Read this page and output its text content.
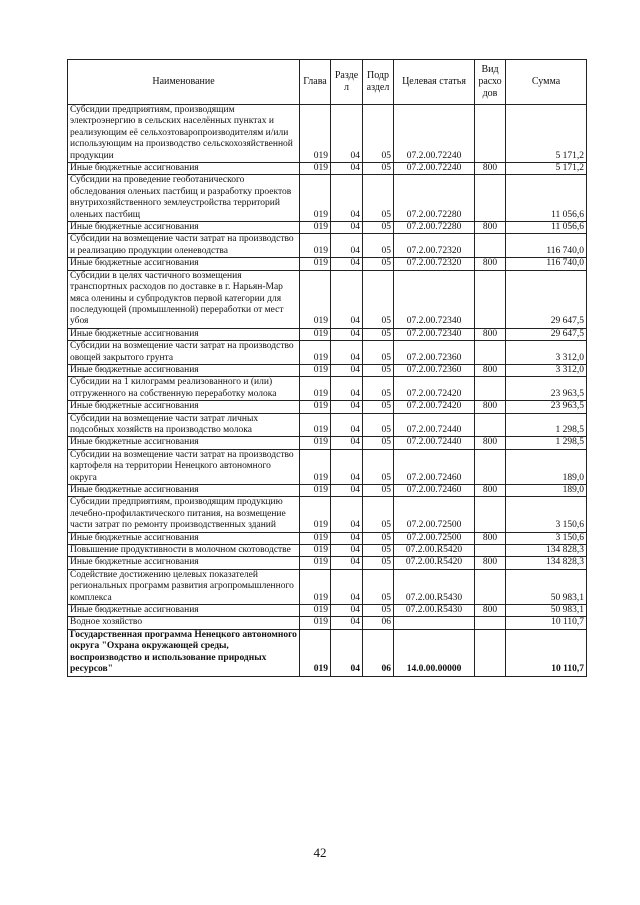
Наименование	Глава	Разде л	Подр аздел	Целевая статья	Вид расхо дов	Сумма
Субсидии предприятиям, производящим электроэнергию в сельских населённых пунктах и реализующим её сельхозтоваропроизводителям и/или использующим на производство сельскохозяйственной продукции	019	04	05	07.2.00.72240		5 171,2
Иные бюджетные ассигнования	019	04	05	07.2.00.72240	800	5 171,2
Субсидии на проведение геоботанического обследования оленьих пастбищ и разработку проектов внутрихозяйственного землеустройства территорий оленьих пастбищ	019	04	05	07.2.00.72280		11 056,6
Иные бюджетные ассигнования	019	04	05	07.2.00.72280	800	11 056,6
Субсидии на возмещение части затрат на производство и реализацию продукции оленеводства	019	04	05	07.2.00.72320		116 740,0
Иные бюджетные ассигнования	019	04	05	07.2.00.72320	800	116 740,0
Субсидии в целях частичного возмещения транспортных расходов по доставке в г. Нарьян-Мар мяса оленины и субпродуктов первой категории для последующей (промышленной) переработки от мест убоя	019	04	05	07.2.00.72340		29 647,5
Иные бюджетные ассигнования	019	04	05	07.2.00.72340	800	29 647,5
Субсидии на возмещение части затрат на производство овощей закрытого грунта	019	04	05	07.2.00.72360		3 312,0
Иные бюджетные ассигнования	019	04	05	07.2.00.72360	800	3 312,0
Субсидии на 1 килограмм реализованного и (или) отгруженного на собственную переработку молока	019	04	05	07.2.00.72420		23 963,5
Иные бюджетные ассигнования	019	04	05	07.2.00.72420	800	23 963,5
Субсидии на возмещение части затрат личных подсобных хозяйств на производство молока	019	04	05	07.2.00.72440		1 298,5
Иные бюджетные ассигнования	019	04	05	07.2.00.72440	800	1 298,5
Субсидии на возмещение части затрат на производство картофеля на территории Ненецкого автономного округа	019	04	05	07.2.00.72460		189,0
Иные бюджетные ассигнования	019	04	05	07.2.00.72460	800	189,0
Субсидии предприятиям, производящим продукцию лечебно-профилактического питания, на возмещение части затрат по ремонту производственных зданий	019	04	05	07.2.00.72500		3 150,6
Иные бюджетные ассигнования	019	04	05	07.2.00.72500	800	3 150,6
Повышение продуктивности в молочном скотоводстве	019	04	05	07.2.00.R5420		134 828,3
Иные бюджетные ассигнования	019	04	05	07.2.00.R5420	800	134 828,3
Содействие достижению целевых показателей региональных программ развития агропромышленного комплекса	019	04	05	07.2.00.R5430		50 983,1
Иные бюджетные ассигнования	019	04	05	07.2.00.R5430	800	50 983,1
Водное хозяйство	019	04	06			10 110,7
Государственная программа Ненецкого автономного округа "Охрана окружающей среды, воспроизводство и использование природных ресурсов"	019	04	06	14.0.00.00000		10 110,7
42
